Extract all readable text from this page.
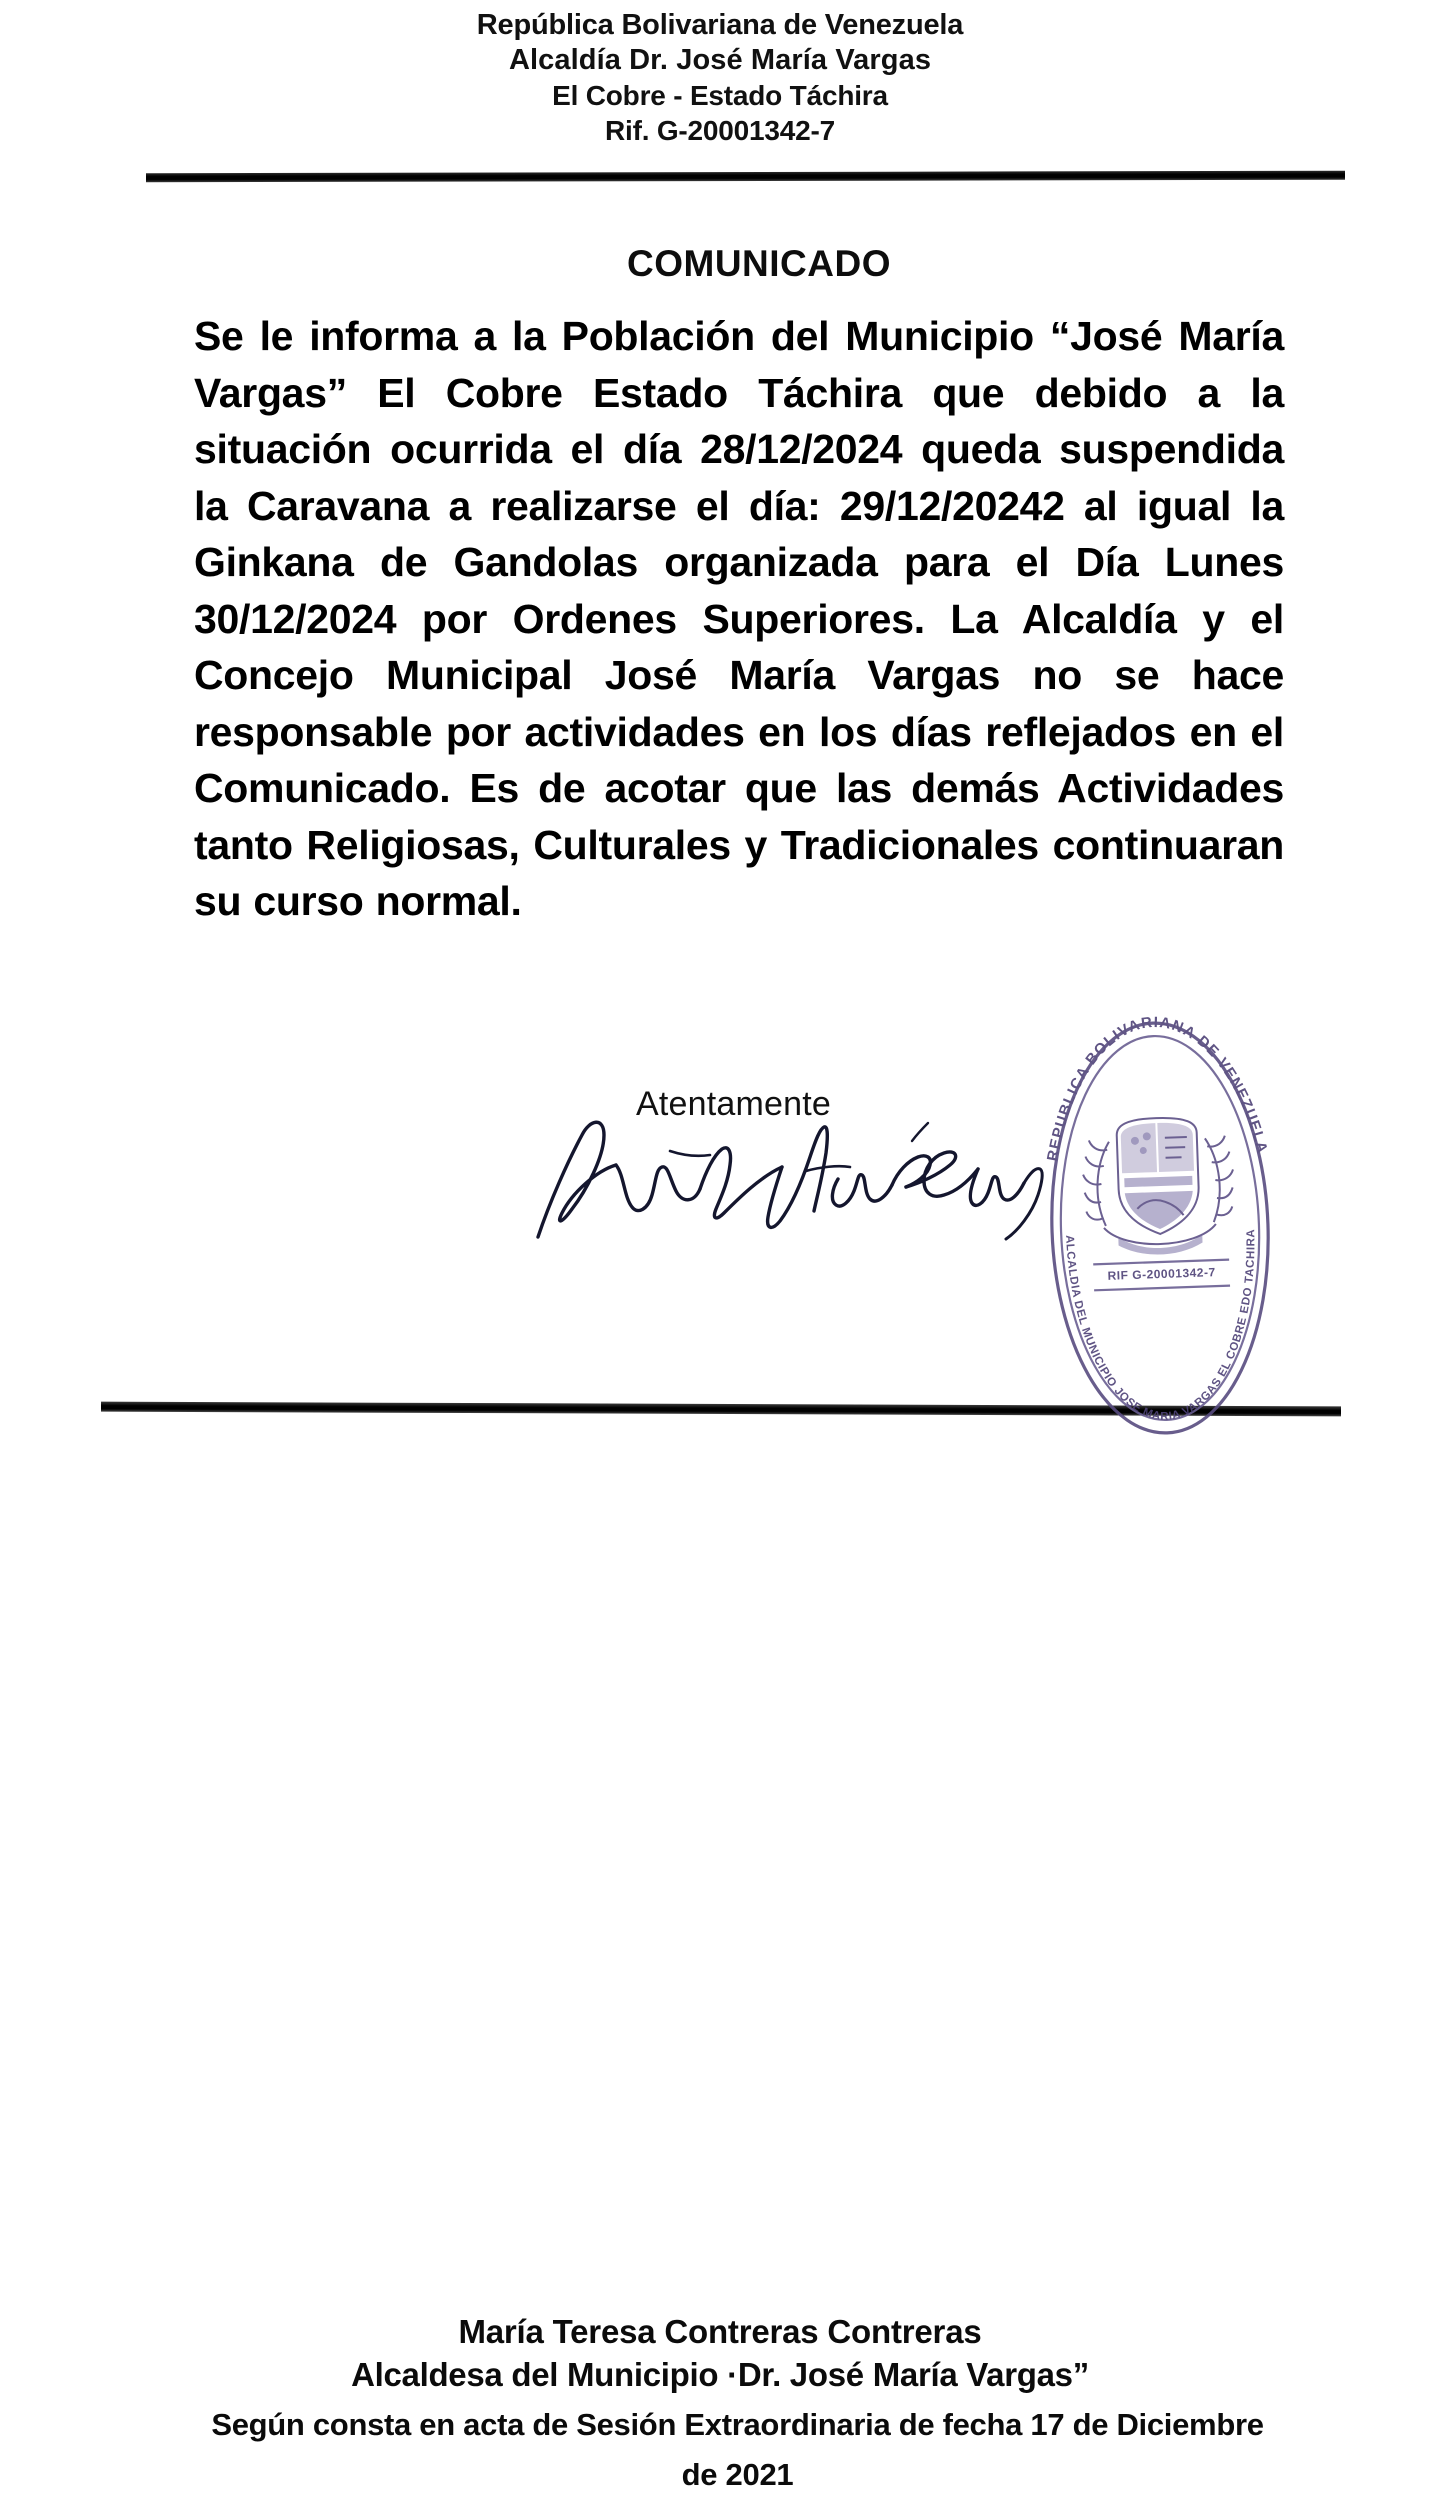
República Bolivariana de Venezuela
Alcaldía Dr. José María Vargas
El Cobre - Estado Táchira
Rif. G-20001342-7
COMUNICADO

Se le informa a la Población del Municipio “José María Vargas” El Cobre Estado Táchira que debido a la situación ocurrida el día 28/12/2024 queda suspendida la Caravana a realizarse el día: 29/12/20242 al igual la Ginkana de Gandolas organizada para el Día Lunes 30/12/2024 por Ordenes Superiores. La Alcaldía y el Concejo Municipal José María Vargas no se hace responsable por actividades en los días reflejados en el Comunicado. Es de acotar que las demás Actividades tanto Religiosas, Culturales y Tradicionales continuaran su curso normal.

Atentamente
María Teresa Contreras Contreras
Alcaldesa del Municipio ·Dr. José María Vargas”
Según consta en acta de Sesión Extraordinaria de fecha 17 de Diciembre de 2021
REPUBLICA BOLIVARIANA DE VENEZUELA
ALCALDIA DEL MUNICIPIO JOSE MARIA VARGAS EL COBRE EDO TACHIRA
RIF G-20001342-7
